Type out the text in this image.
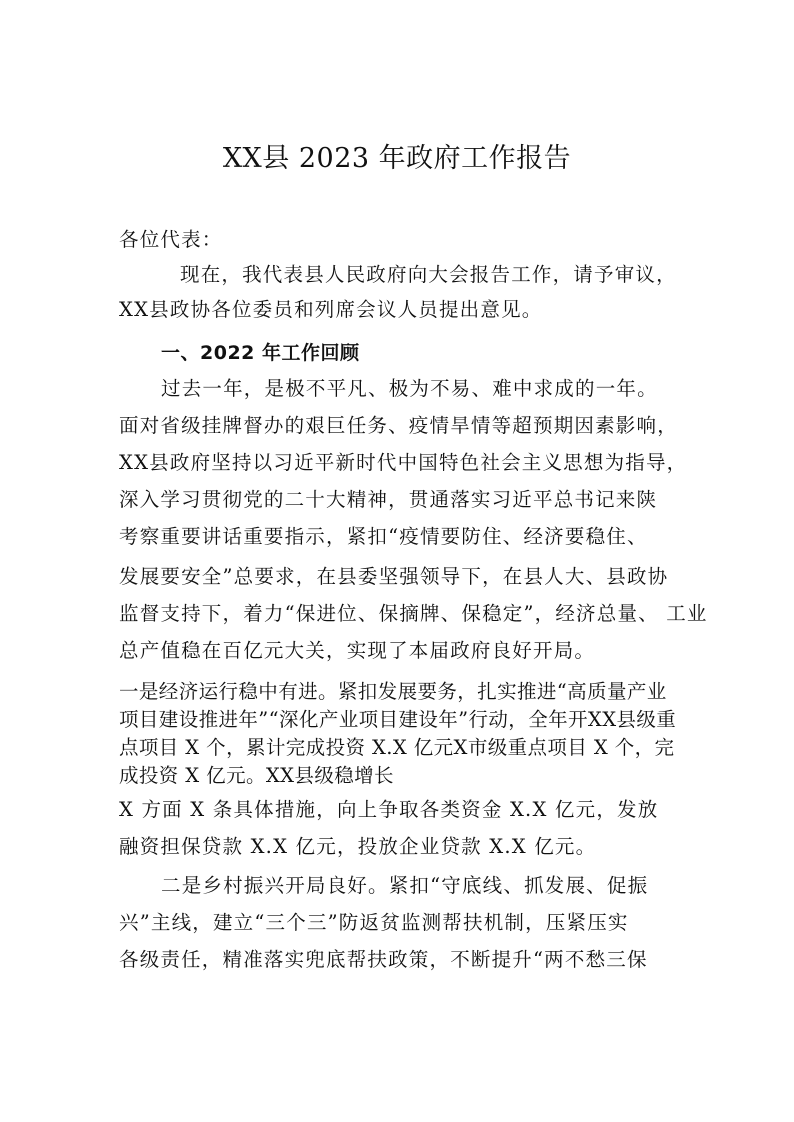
XX县 2023 年政府工作报告
各位代表：
现在，我代表县人民政府向大会报告工作，请予审议，
XX县政协各位委员和列席会议人员提出意见。
一、2022 年工作回顾
过去一年，是极不平凡、极为不易、难中求成的一年。
面对省级挂牌督办的艰巨任务、疫情旱情等超预期因素影响，
XX县政府坚持以习近平新时代中国特色社会主义思想为指导，
深入学习贯彻党的二十大精神，贯通落实习近平总书记来陕
考察重要讲话重要指示，紧扣“疫情要防住、经济要稳住、
发展要安全”总要求，在县委坚强领导下，在县人大、县政协
监督支持下，着力“保进位、保摘牌、保稳定”，经济总量、 工业
总产值稳在百亿元大关，实现了本届政府良好开局。
一是经济运行稳中有进。紧扣发展要务，扎实推进“高质量产业
项目建设推进年”“深化产业项目建设年”行动，全年开XX县级重
点项目 X 个，累计完成投资 X.X 亿元X市级重点项目 X 个，完
成投资 X 亿元。XX县级稳增长
X 方面 X 条具体措施，向上争取各类资金 X.X 亿元，发放
融资担保贷款 X.X 亿元，投放企业贷款 X.X 亿元。
二是乡村振兴开局良好。紧扣“守底线、抓发展、促振
兴”主线，建立“三个三”防返贫监测帮扶机制，压紧压实
各级责任，精准落实兜底帮扶政策，不断提升“两不愁三保
